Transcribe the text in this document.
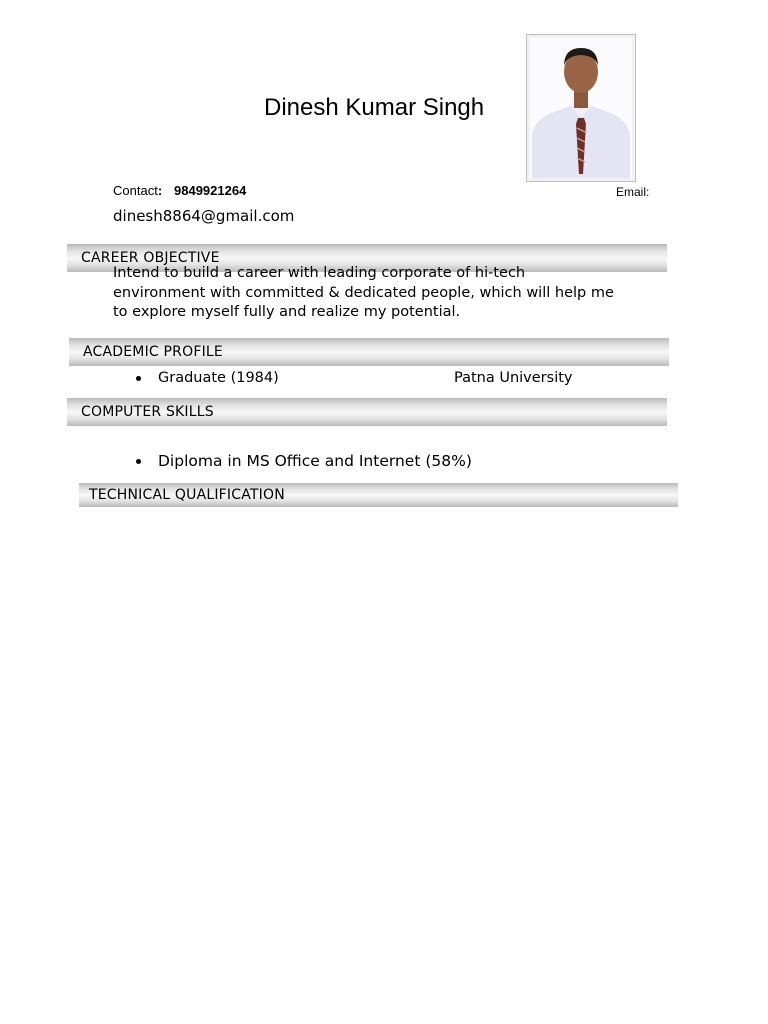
Dinesh Kumar Singh
Contact: 9849921264	Email:
dinesh8864@gmail.com
CAREER OBJECTIVE
Intend to build a career with leading corporate of hi-tech
environment with committed & dedicated people, which will help me
to explore myself fully and realize my potential.
ACADEMIC PROFILE
Graduate (1984)	Patna University
COMPUTER SKILLS
Diploma in MS Office and Internet (58%)
TECHNICAL QUALIFICATION
